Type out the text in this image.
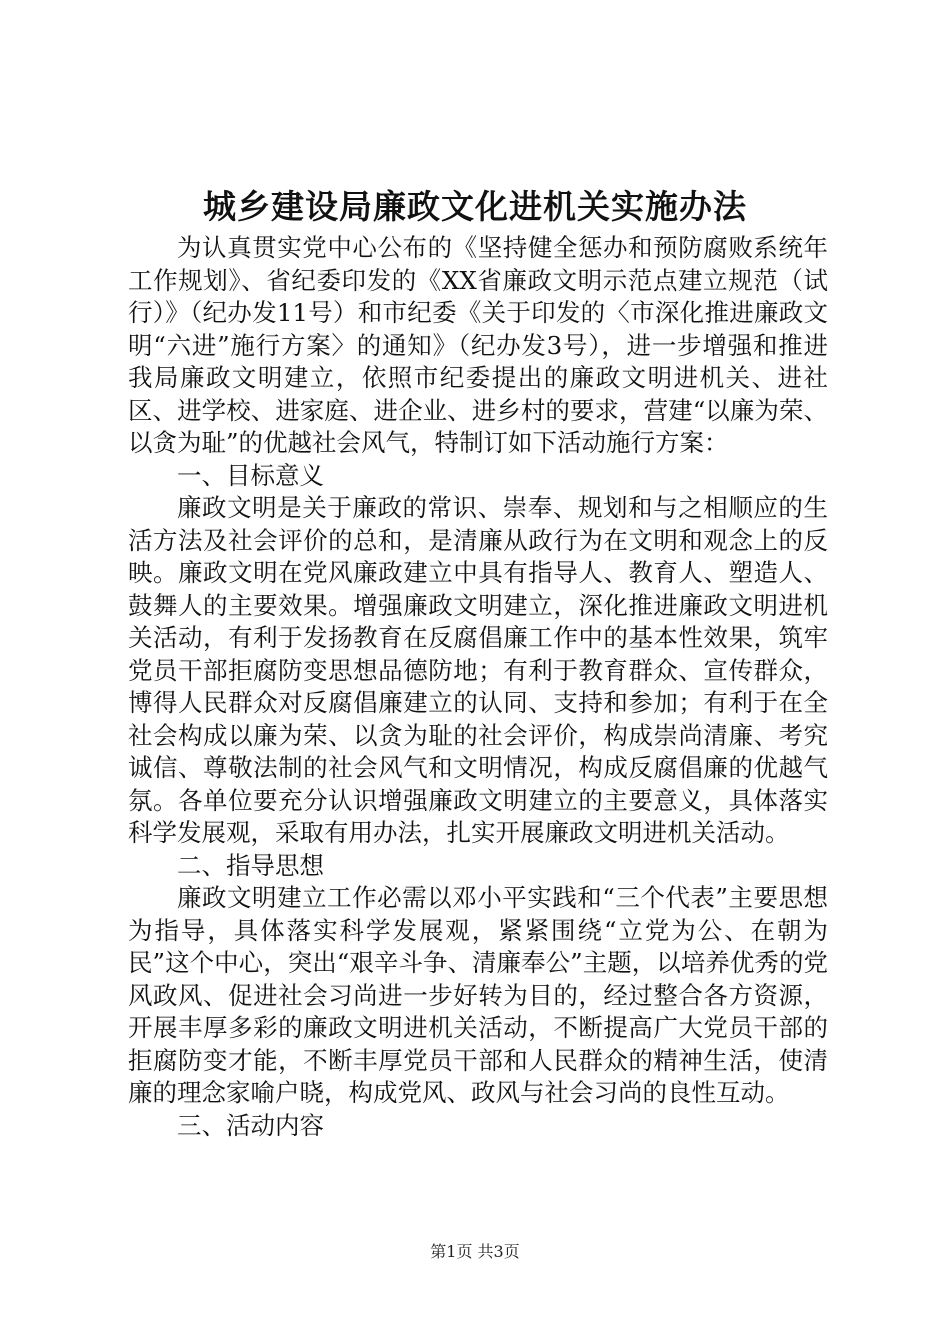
城乡建设局廉政文化进机关实施办法

为认真贯实党中心公布的《坚持健全惩办和预防腐败系统年工作规划》、省纪委印发的《XX省廉政文明示范点建立规范（试行）》（纪办发11号）和市纪委《关于印发的〈市深化推进廉政文明“六进”施行方案〉的通知》（纪办发3号），进一步增强和推进我局廉政文明建立，依照市纪委提出的廉政文明进机关、进社区、进学校、进家庭、进企业、进乡村的要求，营建“以廉为荣、以贪为耻”的优越社会风气，特制订如下活动施行方案：

一、目标意义

廉政文明是关于廉政的常识、崇奉、规划和与之相顺应的生活方法及社会评价的总和，是清廉从政行为在文明和观念上的反映。廉政文明在党风廉政建立中具有指导人、教育人、塑造人、鼓舞人的主要效果。增强廉政文明建立，深化推进廉政文明进机关活动，有利于发扬教育在反腐倡廉工作中的基本性效果，筑牢党员干部拒腐防变思想品德防地；有利于教育群众、宣传群众，博得人民群众对反腐倡廉建立的认同、支持和参加；有利于在全社会构成以廉为荣、以贪为耻的社会评价，构成崇尚清廉、考究诚信、尊敬法制的社会风气和文明情况，构成反腐倡廉的优越气氛。各单位要充分认识增强廉政文明建立的主要意义，具体落实科学发展观，采取有用办法，扎实开展廉政文明进机关活动。

二、指导思想

廉政文明建立工作必需以邓小平实践和“三个代表”主要思想为指导，具体落实科学发展观，紧紧围绕“立党为公、在朝为民”这个中心，突出“艰辛斗争、清廉奉公”主题，以培养优秀的党风政风、促进社会习尚进一步好转为目的，经过整合各方资源，开展丰厚多彩的廉政文明进机关活动，不断提高广大党员干部的拒腐防变才能，不断丰厚党员干部和人民群众的精神生活，使清廉的理念家喻户晓，构成党风、政风与社会习尚的良性互动。

三、活动内容

第1页 共3页
